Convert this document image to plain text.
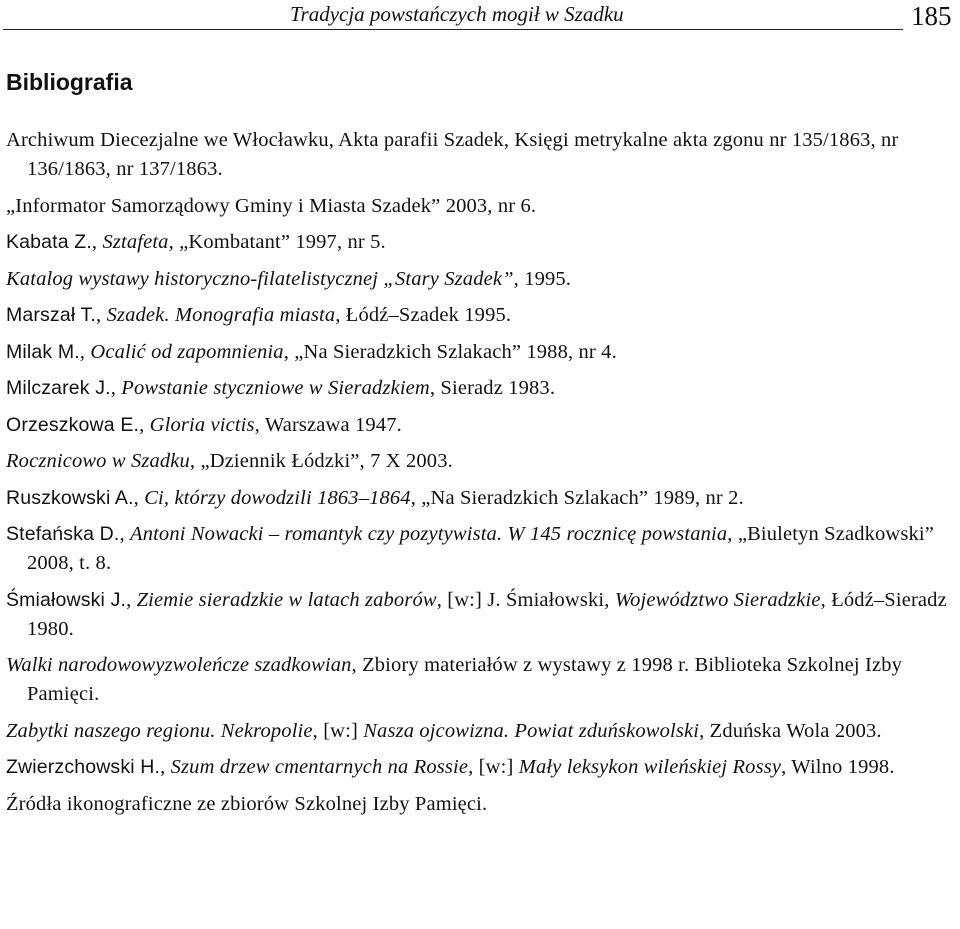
Tradycja powstańczych mogił w Szadku	185
Bibliografia
Archiwum Diecezjalne we Włocławku, Akta parafii Szadek, Księgi metrykalne akta zgonu nr 135/1863, nr 136/1863, nr 137/1863.
„Informator Samorządowy Gminy i Miasta Szadek” 2003, nr 6.
Kabata Z., Sztafeta, „Kombatant” 1997, nr 5.
Katalog wystawy historyczno-filatelistycznej „Stary Szadek”, 1995.
Marszał T., Szadek. Monografia miasta, Łódź–Szadek 1995.
Milak M., Ocalić od zapomnienia, „Na Sieradzkich Szlakach” 1988, nr 4.
Milczarek J., Powstanie styczniowe w Sieradzkiem, Sieradz 1983.
Orzeszkowa E., Gloria victis, Warszawa 1947.
Rocznicowo w Szadku, „Dziennik Łódzki”, 7 X 2003.
Ruszkowski A., Ci, którzy dowodzili 1863–1864, „Na Sieradzkich Szlakach” 1989, nr 2.
Stefańska D., Antoni Nowacki – romantyk czy pozytywista. W 145 rocznicę powstania, „Biuletyn Szadkowski” 2008, t. 8.
Śmiałowski J., Ziemie sieradzkie w latach zaborów, [w:] J. Śmiałowski, Województwo Sieradzkie, Łódź–Sieradz 1980.
Walki narodowowyzwoleńcze szadkowian, Zbiory materiałów z wystawy z 1998 r. Biblioteka Szkolnej Izby Pamięci.
Zabytki naszego regionu. Nekropolie, [w:] Nasza ojcowizna. Powiat zduńskowolski, Zduńska Wola 2003.
Zwierzchowski H., Szum drzew cmentarnych na Rossie, [w:] Mały leksykon wileńskiej Rossy, Wilno 1998.
Źródła ikonograficzne ze zbiorów Szkolnej Izby Pamięci.
